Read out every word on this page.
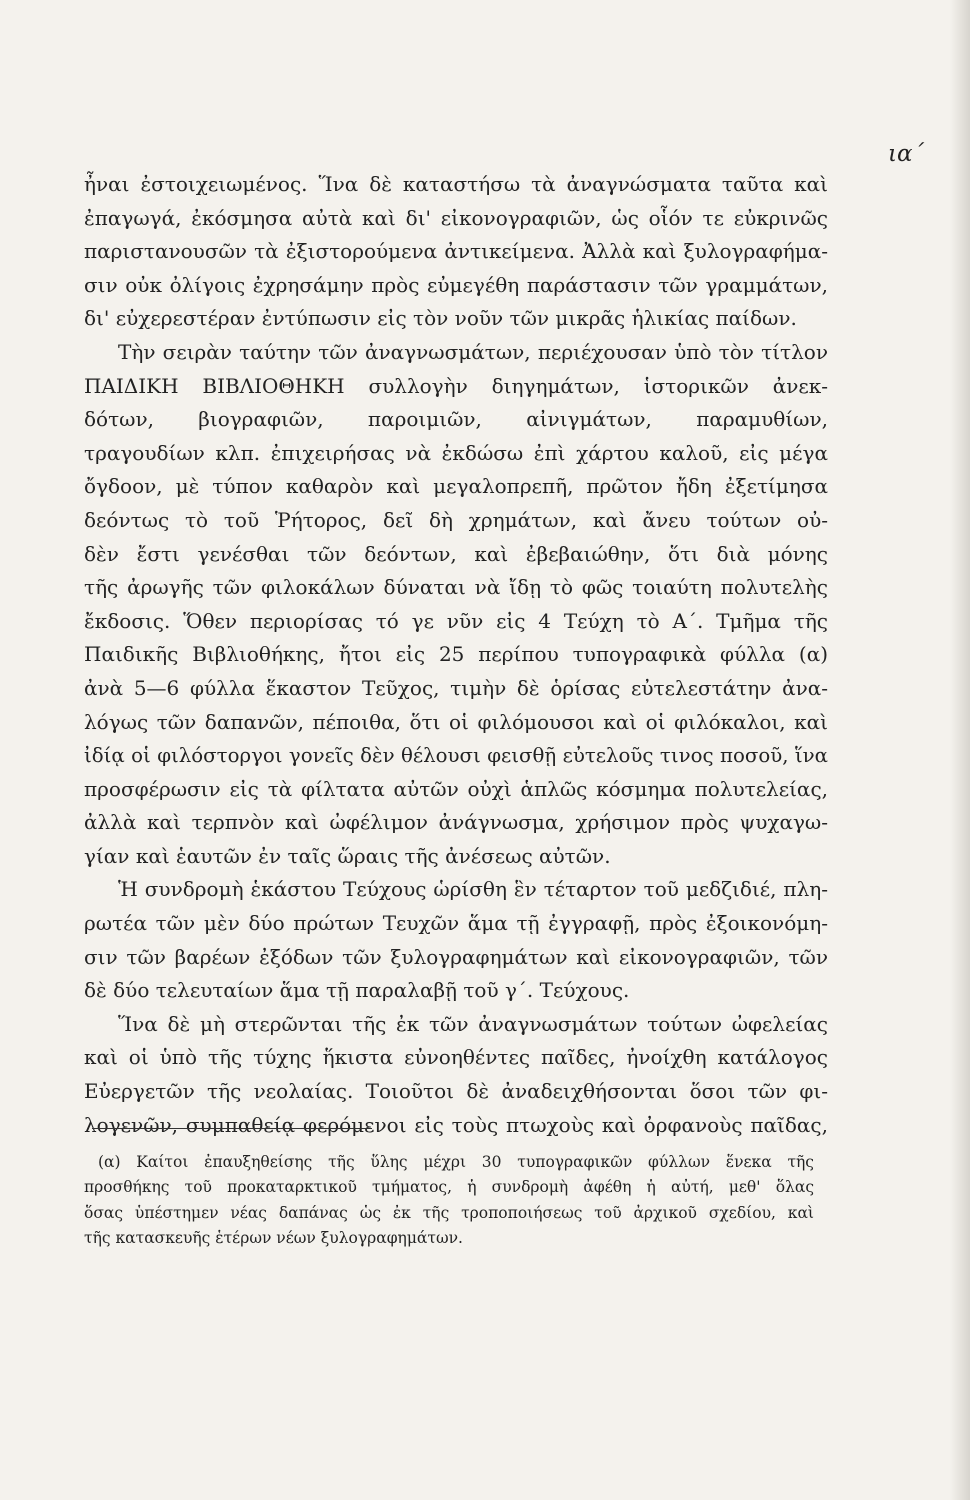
ια΄
ἦναι ἐστοιχειωμένος. Ἵνα δὲ καταστήσω τὰ ἀναγνώσματα ταῦτα καὶ
ἐπαγωγά, ἐκόσμησα αὐτὰ καὶ δι' εἰκονογραφιῶν, ὡς οἷόν τε εὐκρινῶς
παριστανουσῶν τὰ ἐξιστορούμενα ἀντικείμενα. Ἀλλὰ καὶ ξυλογραφήμα-
σιν οὐκ ὀλίγοις ἐχρησάμην πρὸς εὐμεγέθη παράστασιν τῶν γραμμάτων,
δι' εὐχερεστέραν ἐντύπωσιν εἰς τὸν νοῦν τῶν μικρᾶς ἡλικίας παίδων.
Τὴν σειρὰν ταύτην τῶν ἀναγνωσμάτων, περιέχουσαν ὑπὸ τὸν τίτλον
ΠΑΙΔΙΚΗ ΒΙΒΛΙΟΘΗΚΗ συλλογὴν διηγημάτων, ἱστορικῶν ἀνεκ-
δότων, βιογραφιῶν, παροιμιῶν, αἰνιγμάτων, παραμυθίων,
τραγουδίων κλπ. ἐπιχειρήσας νὰ ἐκδώσω ἐπὶ χάρτου καλοῦ, εἰς μέγα
ὄγδοον, μὲ τύπον καθαρὸν καὶ μεγαλοπρεπῆ, πρῶτον ἤδη ἐξετίμησα
δεόντως τὸ τοῦ Ῥήτορος, δεῖ δὴ χρημάτων, καὶ ἄνευ τούτων οὐ-
δὲν ἔστι γενέσθαι τῶν δεόντων, καὶ ἐβεβαιώθην, ὅτι διὰ μόνης
τῆς ἀρωγῆς τῶν φιλοκάλων δύναται νὰ ἴδῃ τὸ φῶς τοιαύτη πολυτελὴς
ἔκδοσις. Ὅθεν περιορίσας τό γε νῦν εἰς 4 Τεύχη τὸ Α΄. Τμῆμα τῆς
Παιδικῆς Βιβλιοθήκης, ἤτοι εἰς 25 περίπου τυπογραφικὰ φύλλα (α)
ἀνὰ 5—6 φύλλα ἕκαστον Τεῦχος, τιμὴν δὲ ὁρίσας εὐτελεστάτην ἀνα-
λόγως τῶν δαπανῶν, πέποιθα, ὅτι οἱ φιλόμουσοι καὶ οἱ φιλόκαλοι, καὶ
ἰδίᾳ οἱ φιλόστοργοι γονεῖς δὲν θέλουσι φεισθῇ εὐτελοῦς τινος ποσοῦ, ἵνα
προσφέρωσιν εἰς τὰ φίλτατα αὐτῶν οὐχὶ ἁπλῶς κόσμημα πολυτελείας,
ἀλλὰ καὶ τερπνὸν καὶ ὠφέλιμον ἀνάγνωσμα, χρήσιμον πρὸς ψυχαγω-
γίαν καὶ ἑαυτῶν ἐν ταῖς ὥραις τῆς ἀνέσεως αὐτῶν.
Ἡ συνδρομὴ ἑκάστου Τεύχους ὡρίσθη ἓν τέταρτον τοῦ μεδζιδιέ, πλη-
ρωτέα τῶν μὲν δύο πρώτων Τευχῶν ἅμα τῇ ἐγγραφῇ, πρὸς ἐξοικονόμη-
σιν τῶν βαρέων ἐξόδων τῶν ξυλογραφημάτων καὶ εἰκονογραφιῶν, τῶν
δὲ δύο τελευταίων ἅμα τῇ παραλαβῇ τοῦ γ΄. Τεύχους.
Ἵνα δὲ μὴ στερῶνται τῆς ἐκ τῶν ἀναγνωσμάτων τούτων ὠφελείας
καὶ οἱ ὑπὸ τῆς τύχης ἥκιστα εὐνοηθέντες παῖδες, ἠνοίχθη κατάλογος
Εὐεργετῶν τῆς νεολαίας. Τοιοῦτοι δὲ ἀναδειχθήσονται ὅσοι τῶν φι-
λογενῶν, συμπαθείᾳ φερόμενοι εἰς τοὺς πτωχοὺς καὶ ὀρφανοὺς παῖδας,
(α) Καίτοι ἐπαυξηθείσης τῆς ὕλης μέχρι 30 τυπογραφικῶν φύλλων ἕνεκα τῆς
προσθήκης τοῦ προκαταρκτικοῦ τμήματος, ἡ συνδρομὴ ἀφέθη ἡ αὐτή, μεθ' ὅλας
ὅσας ὑπέστημεν νέας δαπάνας ὡς ἐκ τῆς τροποποιήσεως τοῦ ἀρχικοῦ σχεδίου, καὶ
τῆς κατασκευῆς ἑτέρων νέων ξυλογραφημάτων.
